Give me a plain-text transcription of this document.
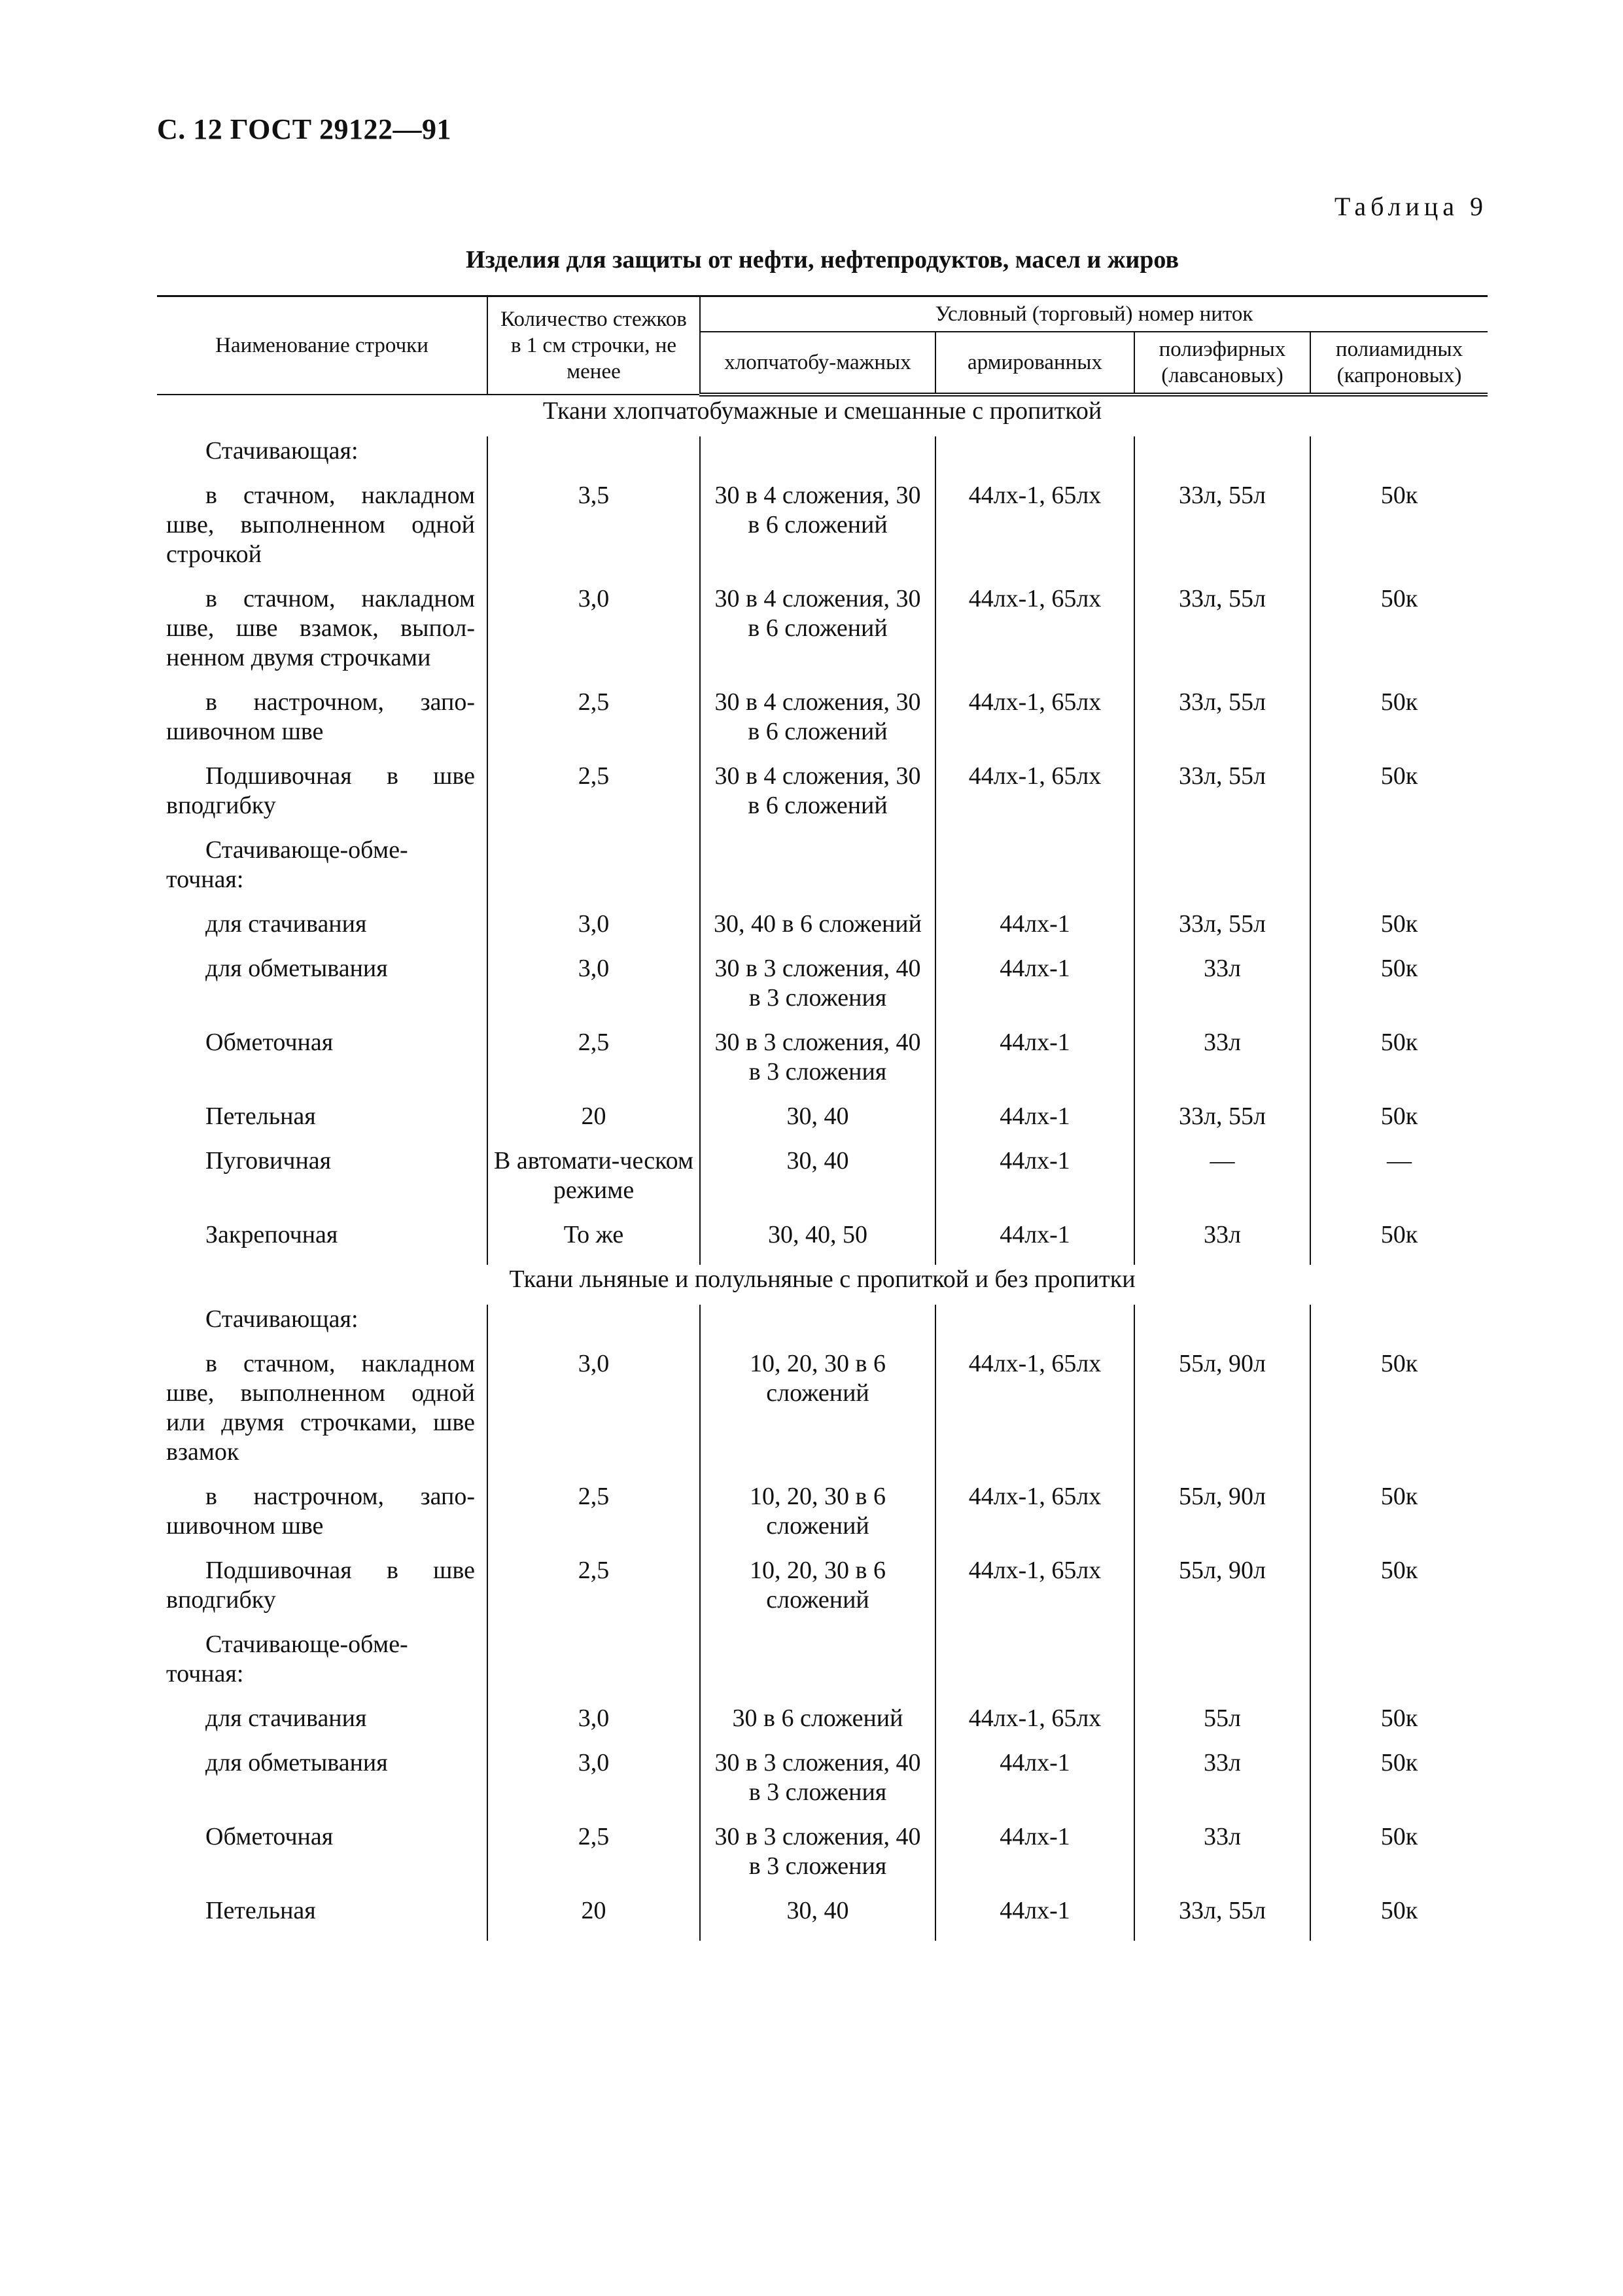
С. 12 ГОСТ 29122—91
Таблица 9
Изделия для защиты от нефти, нефтепродуктов, масел и жиров
Наименование строчки	Количество стежков в 1 см строчки, не менее	Условный (торговый) номер ниток			
		хлопчатобу-мажных	армированных	полиэфирных (лавсановых)	полиамидных (капроновых)
Ткани хлопчатобумажные и смешанные с пропиткой					
Стачивающая:					
в стачном, накладном шве, выполненном одной строчкой	3,5	30 в 4 сложения, 30 в 6 сложений	44лх-1, 65лх	33л, 55л	50к
в стачном, накладном шве, шве взамок, выпол-ненном двумя строчками	3,0	30 в 4 сложения, 30 в 6 сложений	44лх-1, 65лх	33л, 55л	50к
в настрочном, запо-шивочном шве	2,5	30 в 4 сложения, 30 в 6 сложений	44лх-1, 65лх	33л, 55л	50к
Подшивочная в шве вподгибку	2,5	30 в 4 сложения, 30 в 6 сложений	44лх-1, 65лх	33л, 55л	50к
Стачивающе-обме-точная:					
для стачивания	3,0	30, 40 в 6 сложений	44лх-1	33л, 55л	50к
для обметывания	3,0	30 в 3 сложения, 40 в 3 сложения	44лх-1	33л	50к
Обметочная	2,5	30 в 3 сложения, 40 в 3 сложения	44лх-1	33л	50к
Петельная	20	30, 40	44лх-1	33л, 55л	50к
Пуговичная	В автомати-ческом режиме	30, 40	44лх-1	—	—
Закрепочная	То же	30, 40, 50	44лх-1	33л	50к
Ткани льняные и полульняные с пропиткой и без пропитки					
Стачивающая:					
в стачном, накладном шве, выполненном одной или двумя строчками, шве взамок	3,0	10, 20, 30 в 6 сложений	44лх-1, 65лх	55л, 90л	50к
в настрочном, запо-шивочном шве	2,5	10, 20, 30 в 6 сложений	44лх-1, 65лх	55л, 90л	50к
Подшивочная в шве вподгибку	2,5	10, 20, 30 в 6 сложений	44лх-1, 65лх	55л, 90л	50к
Стачивающе-обме-точная:					
для стачивания	3,0	30 в 6 сложений	44лх-1, 65лх	55л	50к
для обметывания	3,0	30 в 3 сложения, 40 в 3 сложения	44лх-1	33л	50к
Обметочная	2,5	30 в 3 сложения, 40 в 3 сложения	44лх-1	33л	50к
Петельная	20	30, 40	44лх-1	33л, 55л	50к
